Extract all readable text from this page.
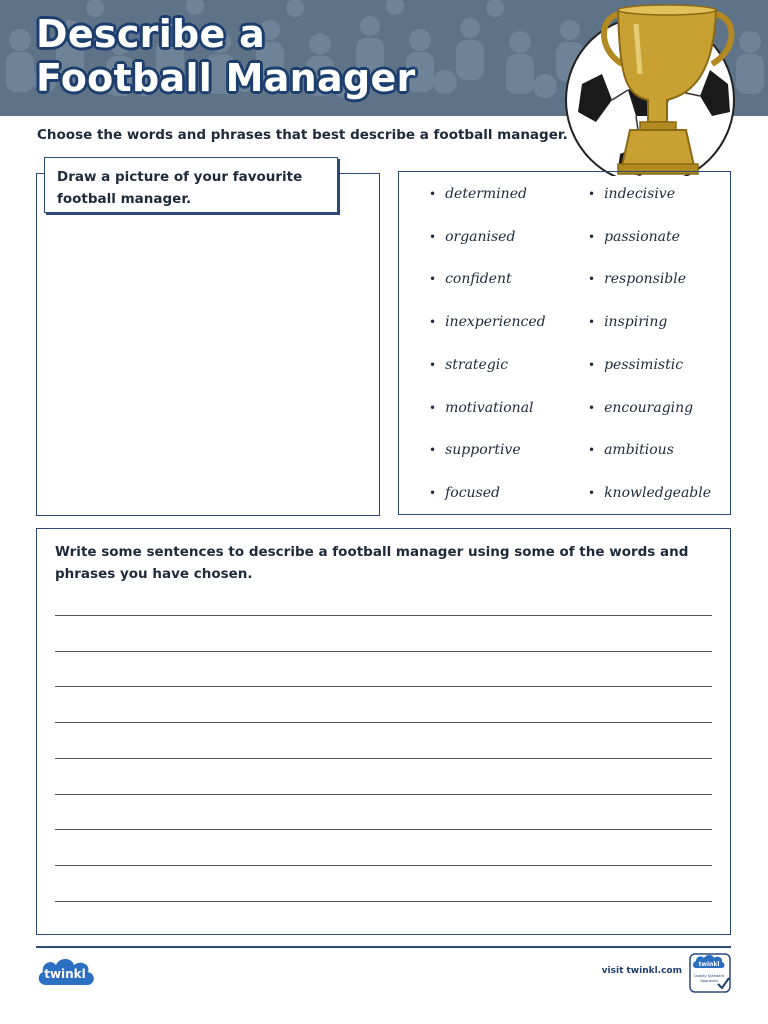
Describe a
Football Manager
Choose the words and phrases that best describe a football manager.
Draw a picture of your favourite football manager.	• determined
• organised
• confident
• inexperienced
• strategic
• motivational
• supportive
• focused
• indecisive
• passionate
• responsible
• inspiring
• pessimistic
• encouraging
• ambitious
• knowledgeable
Write some sentences to describe a football manager using some of the words and phrases you have chosen.
twinkl	visit twinkl.com
twinkl
Quality Standard
Approved
